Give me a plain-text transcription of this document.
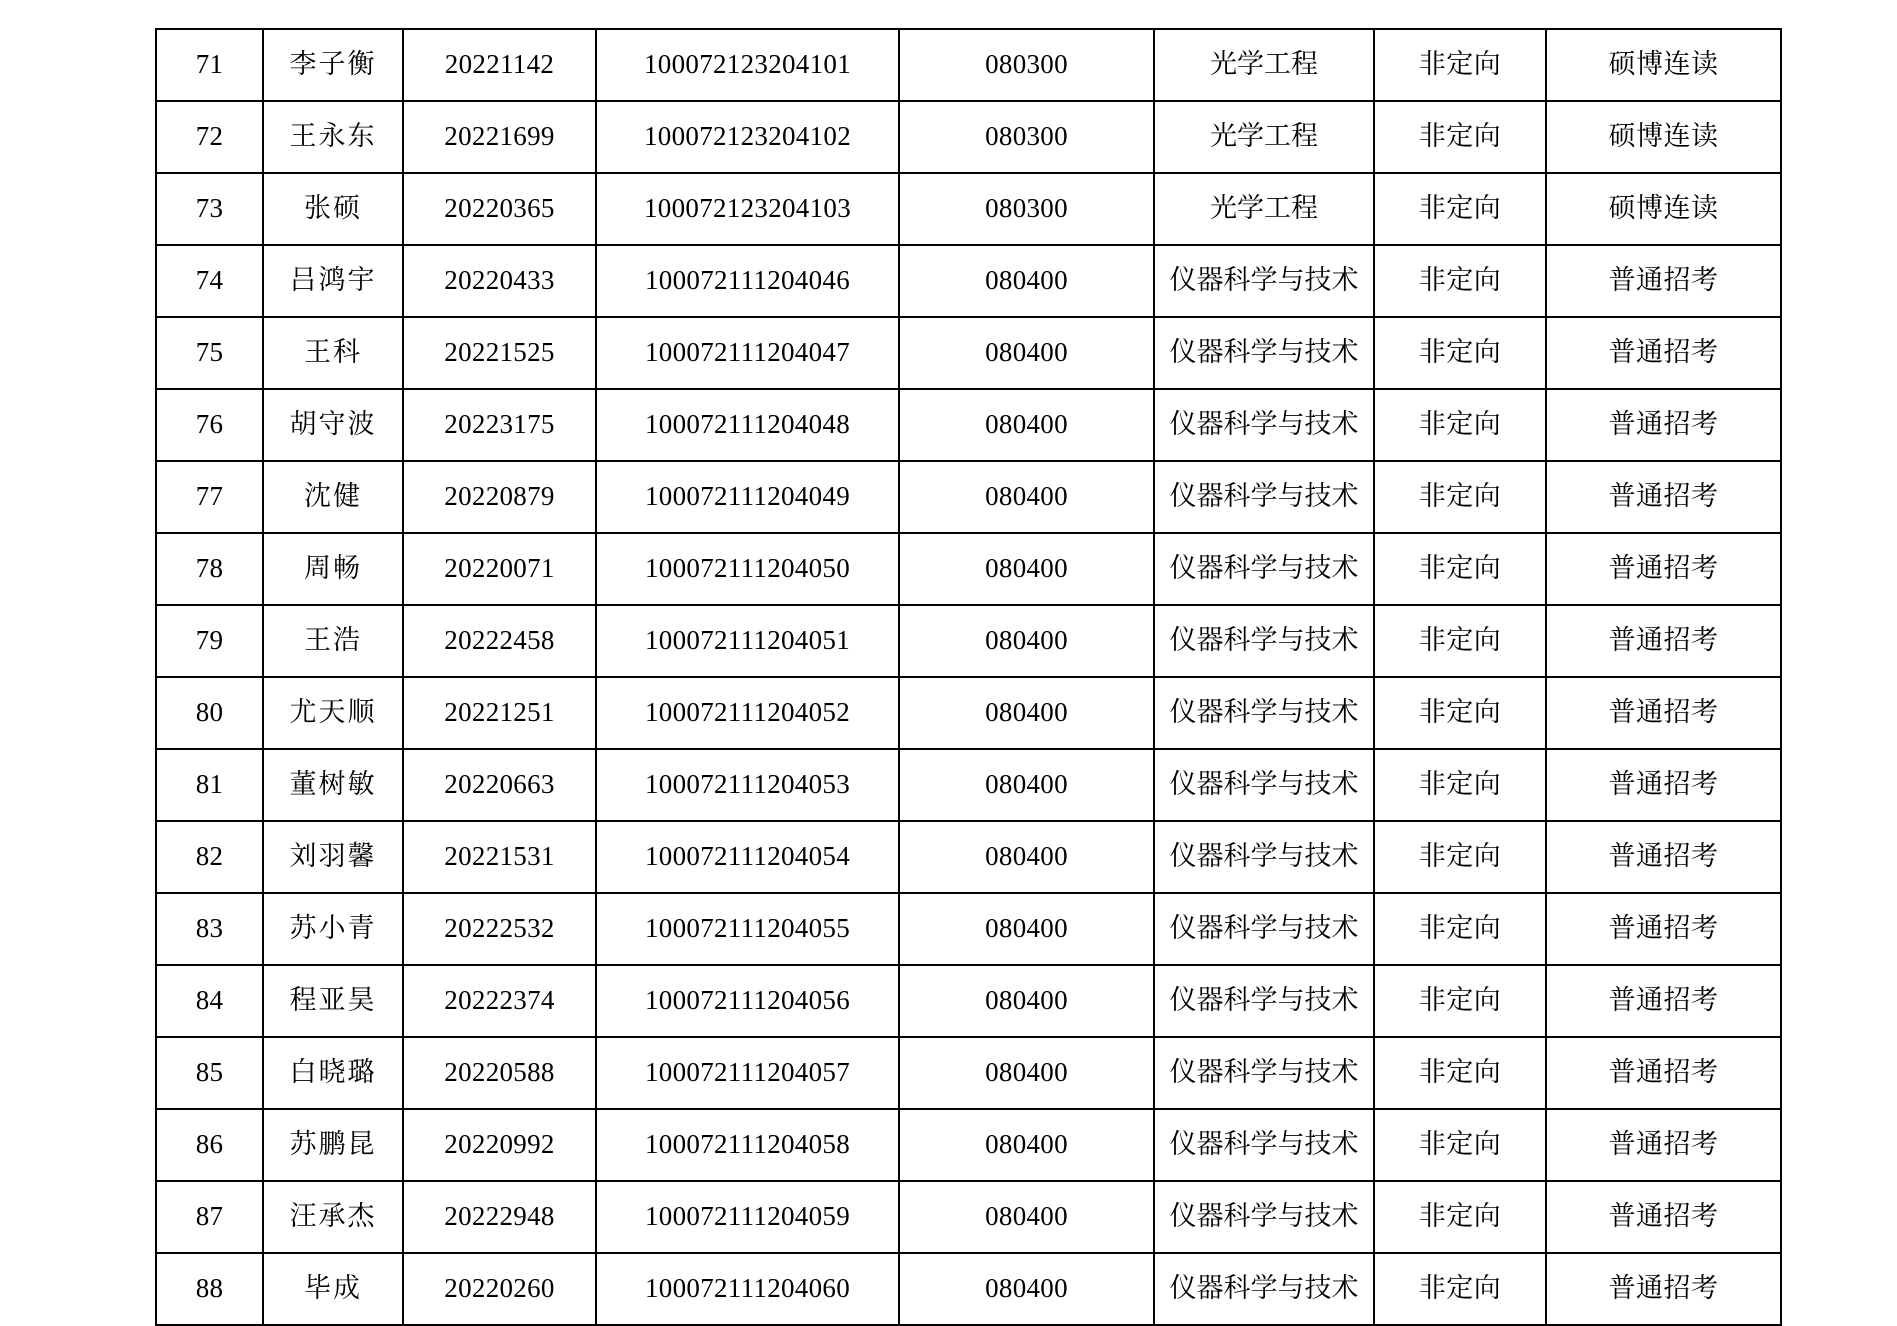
71	李子衡	20221142	100072123204101	080300	光学工程	非定向	硕博连读
72	王永东	20221699	100072123204102	080300	光学工程	非定向	硕博连读
73	张硕	20220365	100072123204103	080300	光学工程	非定向	硕博连读
74	吕鸿宇	20220433	100072111204046	080400	仪器科学与技术	非定向	普通招考
75	王科	20221525	100072111204047	080400	仪器科学与技术	非定向	普通招考
76	胡守波	20223175	100072111204048	080400	仪器科学与技术	非定向	普通招考
77	沈健	20220879	100072111204049	080400	仪器科学与技术	非定向	普通招考
78	周畅	20220071	100072111204050	080400	仪器科学与技术	非定向	普通招考
79	王浩	20222458	100072111204051	080400	仪器科学与技术	非定向	普通招考
80	尤天顺	20221251	100072111204052	080400	仪器科学与技术	非定向	普通招考
81	董树敏	20220663	100072111204053	080400	仪器科学与技术	非定向	普通招考
82	刘羽馨	20221531	100072111204054	080400	仪器科学与技术	非定向	普通招考
83	苏小青	20222532	100072111204055	080400	仪器科学与技术	非定向	普通招考
84	程亚昊	20222374	100072111204056	080400	仪器科学与技术	非定向	普通招考
85	白晓璐	20220588	100072111204057	080400	仪器科学与技术	非定向	普通招考
86	苏鹏昆	20220992	100072111204058	080400	仪器科学与技术	非定向	普通招考
87	汪承杰	20222948	100072111204059	080400	仪器科学与技术	非定向	普通招考
88	毕成	20220260	100072111204060	080400	仪器科学与技术	非定向	普通招考
